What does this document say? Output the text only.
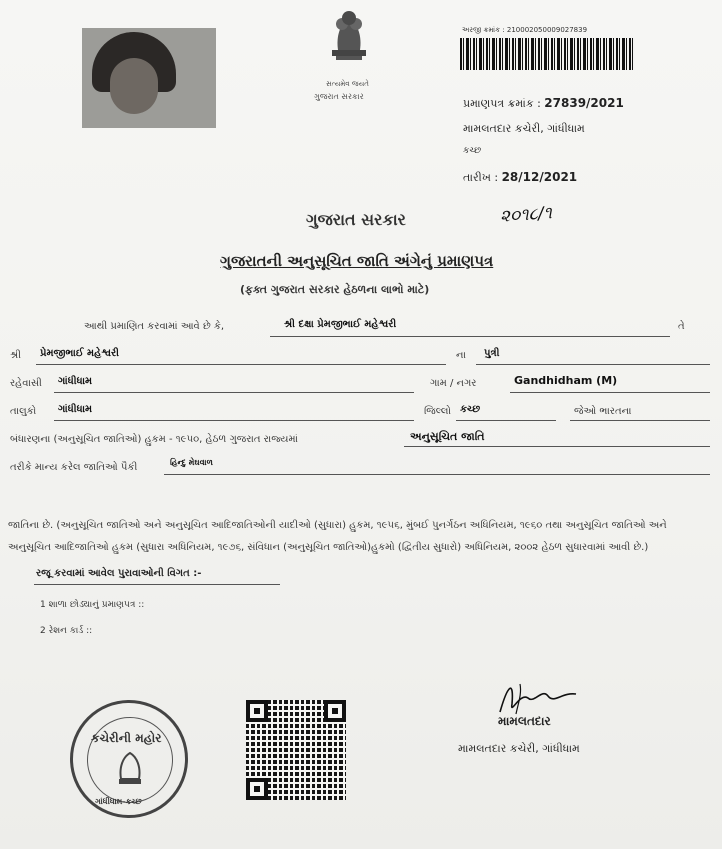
સત્યમેવ જયતે
ગુજરાત સરકાર
અરજી ક્રમાંક : 210002050009027839
પ્રમાણપત્ર ક્રમાંક : 27839/2021
મામલતદાર કચેરી, ગાંધીધામ
કચ્છ
તારીખ : 28/12/2021
૨૦૧૮/૧
ગુજરાત સરકાર
ગુજરાતની અનુસૂચિત જાતિ અંગેનું પ્રમાણપત્ર
(ફક્ત ગુજરાત સરકાર હેઠળના લાભો માટે)
આથી પ્રમાણિત કરવામાં આવે છે કે,	શ્રી દક્ષા પ્રેમજીભાઈ મહેશ્વરી	તે
શ્રી પ્રેમજીભાઈ મહેશ્વરી	ના પુત્રી
રહેવાસી ગાંધીધામ	ગામ / નગર	Gandhidham (M)
તાલુકો ગાંધીધામ	જિલ્લો કચ્છ	જેઓ ભારતના
બંધારણના (અનુસૂચિત જાતિઓ) હુકમ - ૧૯૫૦, હેઠળ ગુજરાત રાજ્યમાં	અનુસૂચિત જાતિ
તરીકે માન્ય કરેલ જાતિઓ પૈકી	હિન્દુ મેઘવાળ
જાતિના છે. (અનુસૂચિત જાતિઓ અને અનુસૂચિત આદિજાતિઓની યાદીઓ (સુધારા) હુકમ, ૧૯૫૬, મુંબઈ પુનર્ગઠન અધિનિયમ, ૧૯૬૦ તથા અનુસૂચિત જાતિઓ અને અનુસૂચિત આદિજાતિઓ હુકમ (સુધારા અધિનિયમ, ૧૯૭૬, સંવિધાન (અનુસૂચિત જાતિઓ)હુકમો (દ્વિતીય સુધારો) અધિનિયમ, ૨૦૦૨ હેઠળ સુધારવામાં આવી છે.)
રજૂ કરવામાં આવેલ પુરાવાઓની વિગત :-
1 શાળા છોડ્યાનું પ્રમાણપત્ર ::
2 રેશન કાર્ડ ::
કચેરીની મહોર
ગાંધીધામ-કચ્છ
મામલતદાર
મામલતદાર કચેરી, ગાંધીધામ
